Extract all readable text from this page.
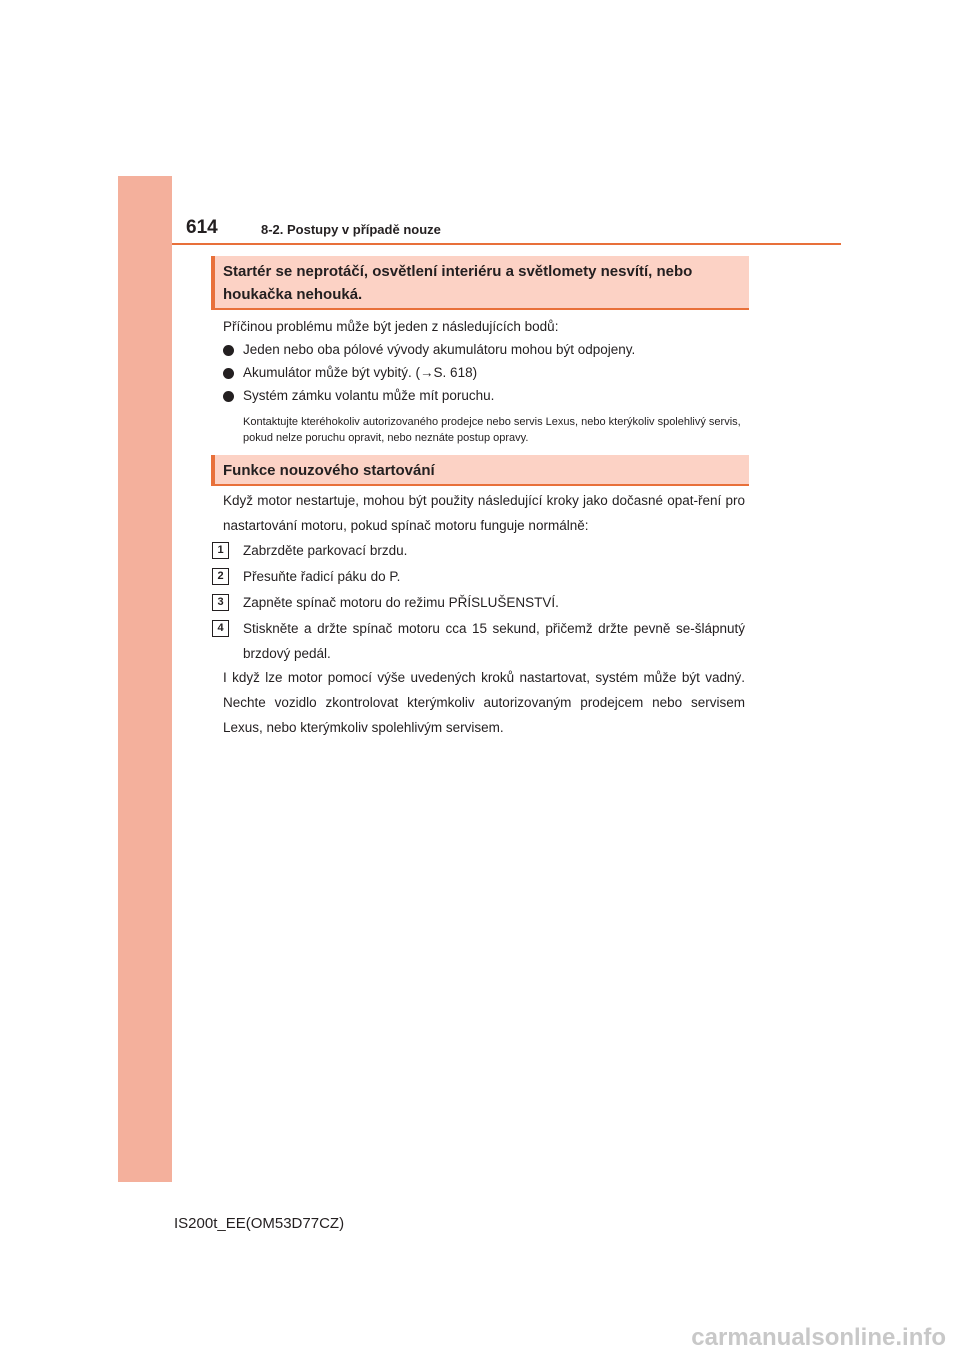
614	8-2. Postupy v případě nouze
Startér se neprotáčí, osvětlení interiéru a světlomety nesvítí, nebo houkačka nehouká.
Příčinou problému může být jeden z následujících bodů:
Jeden nebo oba pólové vývody akumulátoru mohou být odpojeny.
Akumulátor může být vybitý. (→S. 618)
Systém zámku volantu může mít poruchu.
Kontaktujte kteréhokoliv autorizovaného prodejce nebo servis Lexus, nebo kterýkoliv spolehlivý servis, pokud nelze poruchu opravit, nebo neznáte postup opravy.
Funkce nouzového startování
Když motor nestartuje, mohou být použity následující kroky jako dočasné opat-ření pro nastartování motoru, pokud spínač motoru funguje normálně:
1	Zabrzděte parkovací brzdu.
2	Přesuňte řadicí páku do P.
3	Zapněte spínač motoru do režimu PŘÍSLUŠENSTVÍ.
4	Stiskněte a držte spínač motoru cca 15 sekund, přičemž držte pevně se-šlápnutý brzdový pedál.
I když lze motor pomocí výše uvedených kroků nastartovat, systém může být vadný. Nechte vozidlo zkontrolovat kterýmkoliv autorizovaným prodejcem nebo servisem Lexus, nebo kterýmkoliv spolehlivým servisem.
IS200t_EE(OM53D77CZ)
carmanualsonline.info
